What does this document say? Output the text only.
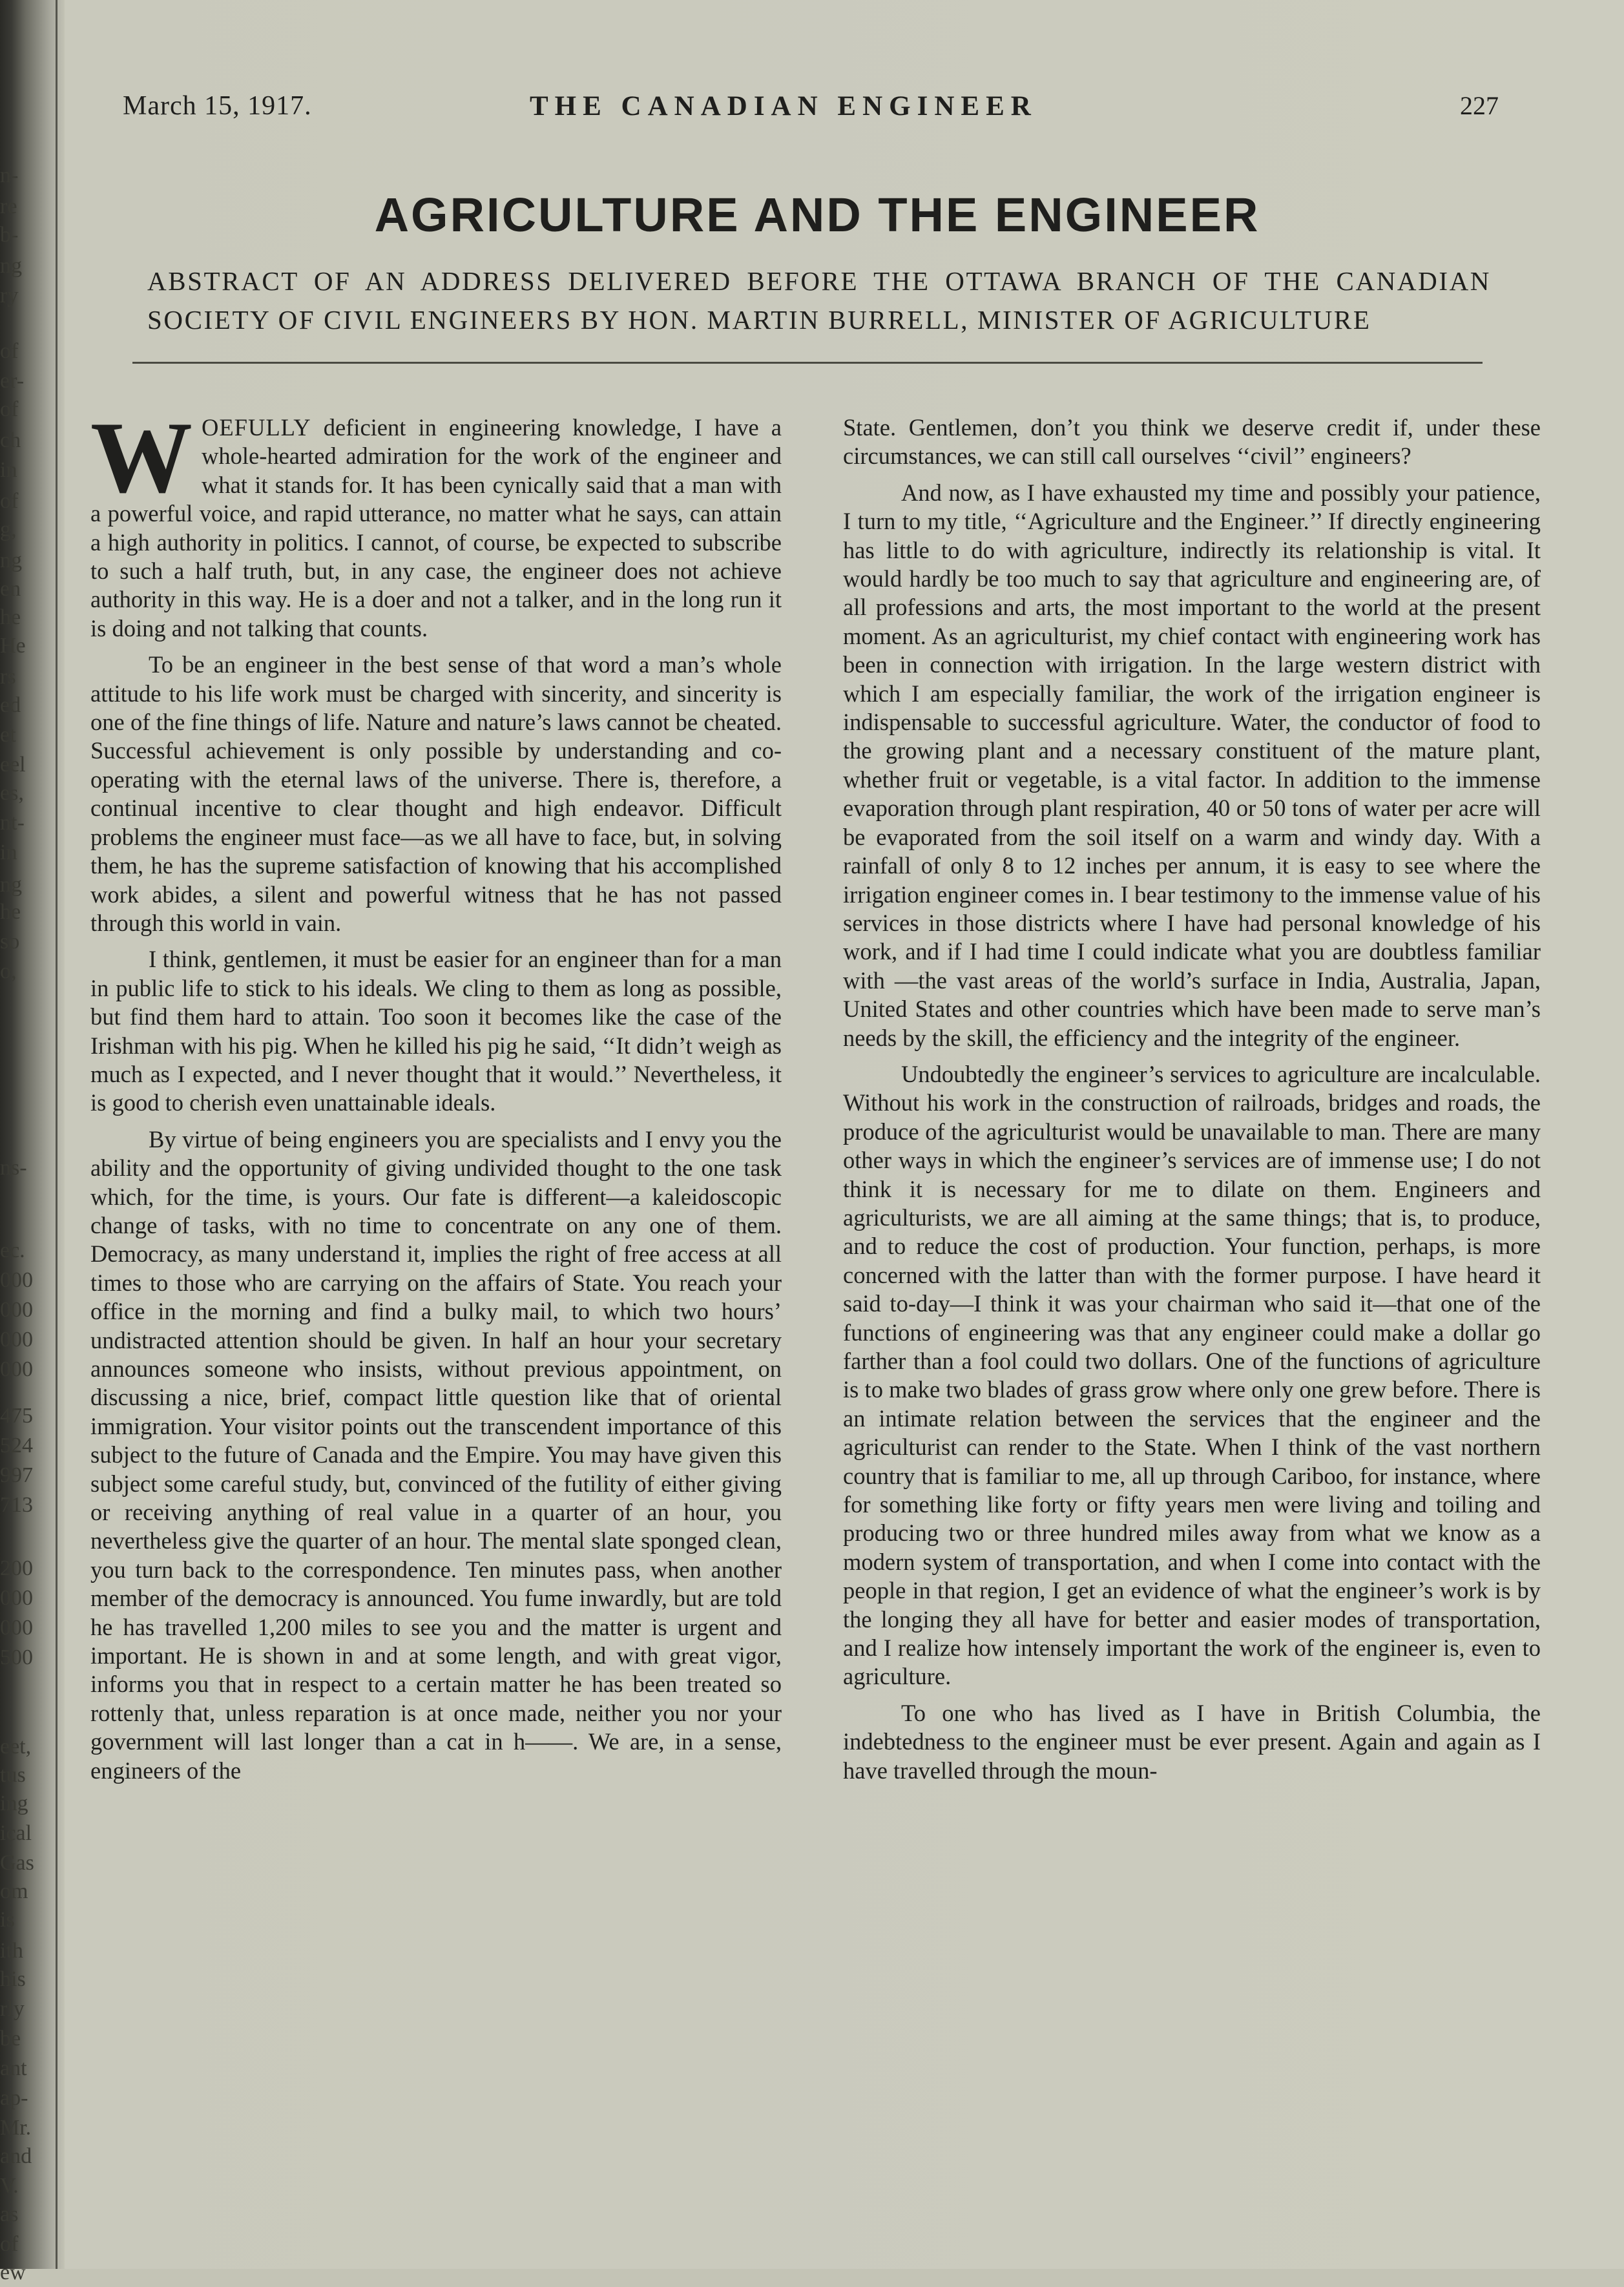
n-
re
b-
ng
ry
of
er-
of
ch
in
of
g,
ng
en
he
He
rs
ed
et
eel
es,
nt-
in
ng
he
so
o,
ns-
ec.
000
000
000
000
475
524
997
713
200
000
000
500
eet,
tus
ing
ical
Gas
om
is
ith
his
rly
be
ant
ap-
Mr.
and
V.
as
of
ew
March 15, 1917.	THE CANADIAN ENGINEER	227
AGRICULTURE AND THE ENGINEER
ABSTRACT OF AN ADDRESS DELIVERED BEFORE THE OTTAWA BRANCH OF THE CANADIAN SOCIETY OF CIVIL ENGINEERS BY HON. MARTIN BURRELL, MINISTER OF AGRICULTURE

WOEFULLY deficient in engineering knowledge, I have a whole-hearted admiration for the work of the engineer and what it stands for. It has been cynically said that a man with a powerful voice, and rapid utterance, no matter what he says, can attain a high authority in politics. I cannot, of course, be expected to subscribe to such a half truth, but, in any case, the engineer does not achieve authority in this way. He is a doer and not a talker, and in the long run it is doing and not talking that counts.

To be an engineer in the best sense of that word a man’s whole attitude to his life work must be charged with sincerity, and sincerity is one of the fine things of life. Nature and nature’s laws cannot be cheated. Successful achievement is only possible by understanding and co-operating with the eternal laws of the universe. There is, therefore, a continual incentive to clear thought and high endeavor. Difficult problems the engineer must face—as we all have to face, but, in solving them, he has the supreme satisfaction of knowing that his accomplished work abides, a silent and powerful witness that he has not passed through this world in vain.

I think, gentlemen, it must be easier for an engineer than for a man in public life to stick to his ideals. We cling to them as long as possible, but find them hard to attain. Too soon it becomes like the case of the Irishman with his pig. When he killed his pig he said, ‘‘It didn’t weigh as much as I expected, and I never thought that it would.’’ Nevertheless, it is good to cherish even unattainable ideals.

By virtue of being engineers you are specialists and I envy you the ability and the opportunity of giving undivided thought to the one task which, for the time, is yours. Our fate is different—a kaleidoscopic change of tasks, with no time to concentrate on any one of them. Democracy, as many understand it, implies the right of free access at all times to those who are carrying on the affairs of State. You reach your office in the morning and find a bulky mail, to which two hours’ undistracted attention should be given. In half an hour your secretary announces someone who insists, without previous appointment, on discussing a nice, brief, compact little question like that of oriental immigration. Your visitor points out the transcendent importance of this subject to the future of Canada and the Empire. You may have given this subject some careful study, but, convinced of the futility of either giving or receiving anything of real value in a quarter of an hour, you nevertheless give the quarter of an hour. The mental slate sponged clean, you turn back to the correspondence. Ten minutes pass, when another member of the democracy is announced. You fume inwardly, but are told he has travelled 1,200 miles to see you and the matter is urgent and important. He is shown in and at some length, and with great vigor, informs you that in respect to a certain matter he has been treated so rottenly that, unless reparation is at once made, neither you nor your government will last longer than a cat in h——. We are, in a sense, engineers of the

State. Gentlemen, don’t you think we deserve credit if, under these circumstances, we can still call ourselves ‘‘civil’’ engineers?

And now, as I have exhausted my time and possibly your patience, I turn to my title, ‘‘Agriculture and the Engineer.’’ If directly engineering has little to do with agriculture, indirectly its relationship is vital. It would hardly be too much to say that agriculture and engineering are, of all professions and arts, the most important to the world at the present moment. As an agriculturist, my chief contact with engineering work has been in connection with irrigation. In the large western district with which I am especially familiar, the work of the irrigation engineer is indispensable to successful agriculture. Water, the conductor of food to the growing plant and a necessary constituent of the mature plant, whether fruit or vegetable, is a vital factor. In addition to the immense evaporation through plant respiration, 40 or 50 tons of water per acre will be evaporated from the soil itself on a warm and windy day. With a rainfall of only 8 to 12 inches per annum, it is easy to see where the irrigation engineer comes in. I bear testimony to the immense value of his services in those districts where I have had personal knowledge of his work, and if I had time I could indicate what you are doubtless familiar with —the vast areas of the world’s surface in India, Australia, Japan, United States and other countries which have been made to serve man’s needs by the skill, the efficiency and the integrity of the engineer.

Undoubtedly the engineer’s services to agriculture are incalculable. Without his work in the construction of railroads, bridges and roads, the produce of the agriculturist would be unavailable to man. There are many other ways in which the engineer’s services are of immense use; I do not think it is necessary for me to dilate on them. Engineers and agriculturists, we are all aiming at the same things; that is, to produce, and to reduce the cost of production. Your function, perhaps, is more concerned with the latter than with the former purpose. I have heard it said to-day—I think it was your chairman who said it—that one of the functions of engineering was that any engineer could make a dollar go farther than a fool could two dollars. One of the functions of agriculture is to make two blades of grass grow where only one grew before. There is an intimate relation between the services that the engineer and the agriculturist can render to the State. When I think of the vast northern country that is familiar to me, all up through Cariboo, for instance, where for something like forty or fifty years men were living and toiling and producing two or three hundred miles away from what we know as a modern system of transportation, and when I come into contact with the people in that region, I get an evidence of what the engineer’s work is by the longing they all have for better and easier modes of transportation, and I realize how intensely important the work of the engineer is, even to agriculture.

To one who has lived as I have in British Columbia, the indebtedness to the engineer must be ever present. Again and again as I have travelled through the moun-
